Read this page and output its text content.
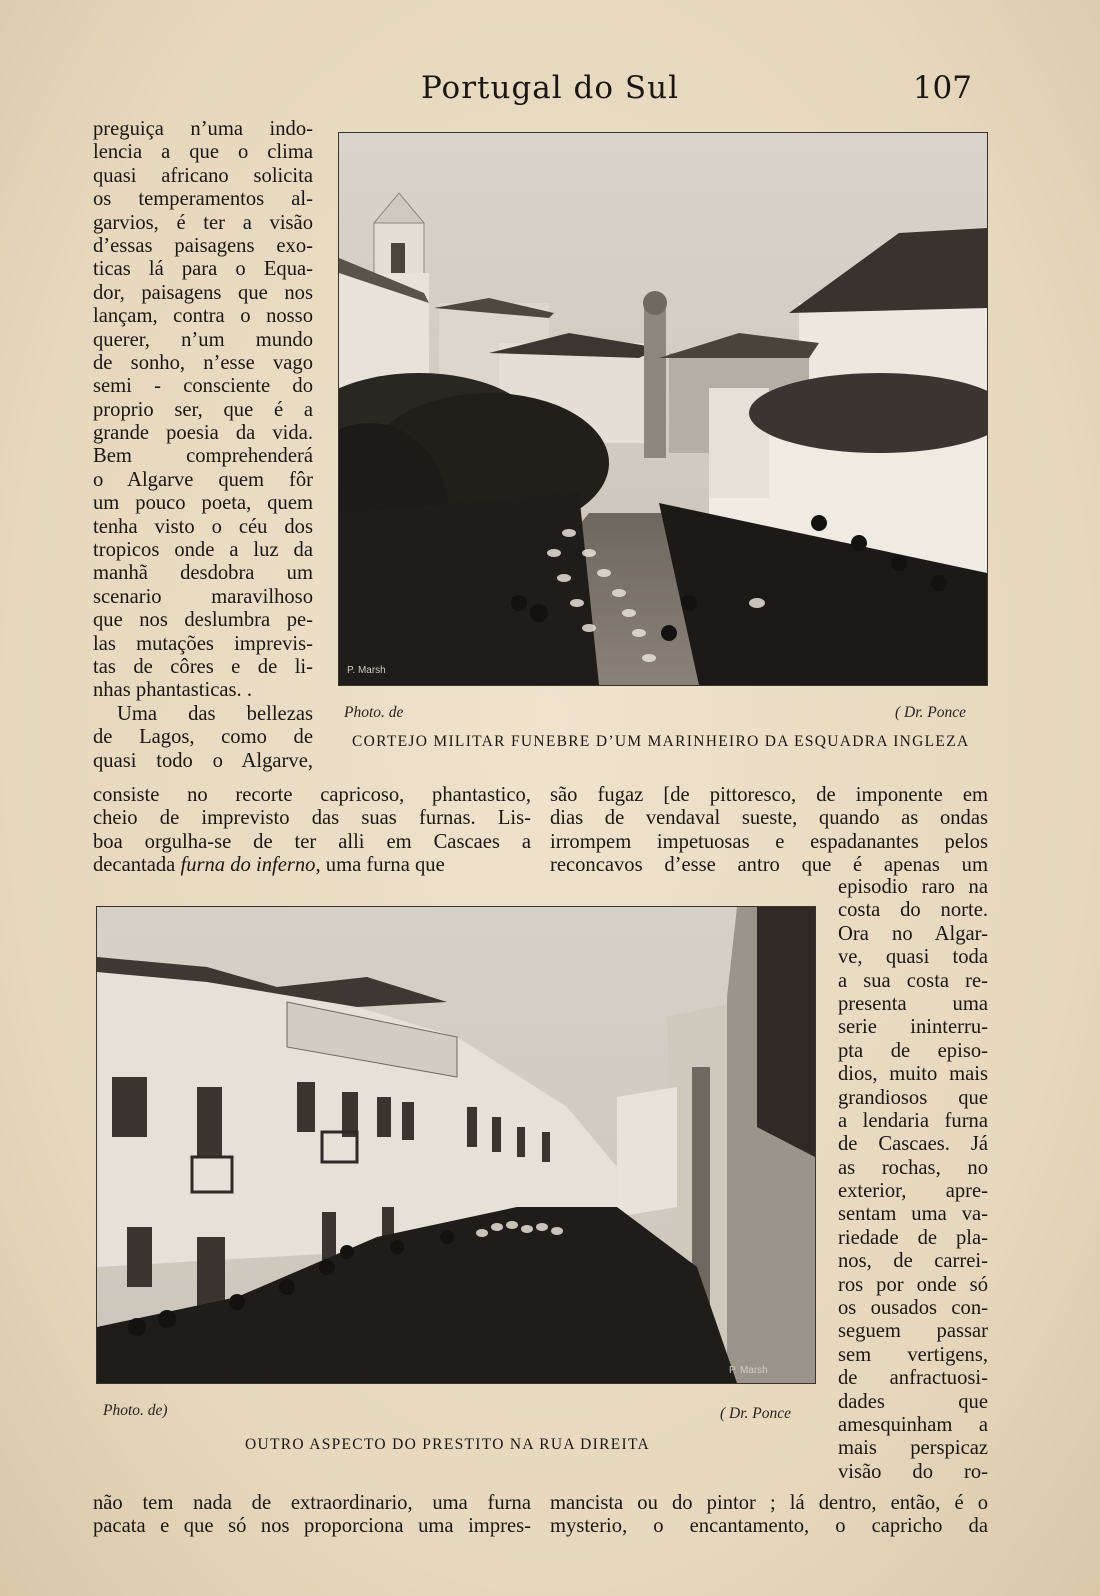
Portugal do Sul	107
preguiça n’uma indo-
lencia a que o clima
quasi africano solicita
os temperamentos al-
garvios, é ter a visão
d’essas paisagens exo-
ticas lá para o Equa-
dor, paisagens que nos
lançam, contra o nosso
querer, n’um mundo
de sonho, n’esse vago
semi - consciente do
proprio ser, que é a
grande poesia da vida.
Bem comprehenderá
o Algarve quem fôr
um pouco poeta, quem
tenha visto o céu dos
tropicos onde a luz da
manhã desdobra um
scenario maravilhoso
que nos deslumbra pe-
las mutações imprevis-
tas de côres e de li-
nhas phantasticas. .
Uma das bellezas
de Lagos, como de
quasi todo o Algarve,
P. Marsh
Photo. de	( Dr. Ponce
CORTEJO MILITAR FUNEBRE D’UM MARINHEIRO DA ESQUADRA INGLEZA
consiste no recorte capricoso, phantastico,
cheio de imprevisto das suas furnas. Lis-
boa orgulha-se de ter alli em Cascaes a
decantada furna do inferno, uma furna que
são fugaz [de pittoresco, de imponente em
dias de vendaval sueste, quando as ondas
irrompem impetuosas e espadanantes pelos
reconcavos d’esse antro que é apenas um
P. Marsh
Photo. de)	( Dr. Ponce
OUTRO ASPECTO DO PRESTITO NA RUA DIREITA
episodio raro na
costa do norte.
Ora no Algar-
ve, quasi toda
a sua costa re-
presenta uma
serie ininterru-
pta de episo-
dios, muito mais
grandiosos que
a lendaria furna
de Cascaes. Já
as rochas, no
exterior, apre-
sentam uma va-
riedade de pla-
nos, de carrei-
ros por onde só
os ousados con-
seguem passar
sem vertigens,
de anfractuosi-
dades que
amesquinham a
mais perspicaz
visão do ro-
não tem nada de extraordinario, uma furna
pacata e que só nos proporciona uma impres-
mancista ou do pintor ; lá dentro, então, é o
mysterio, o encantamento, o capricho da
